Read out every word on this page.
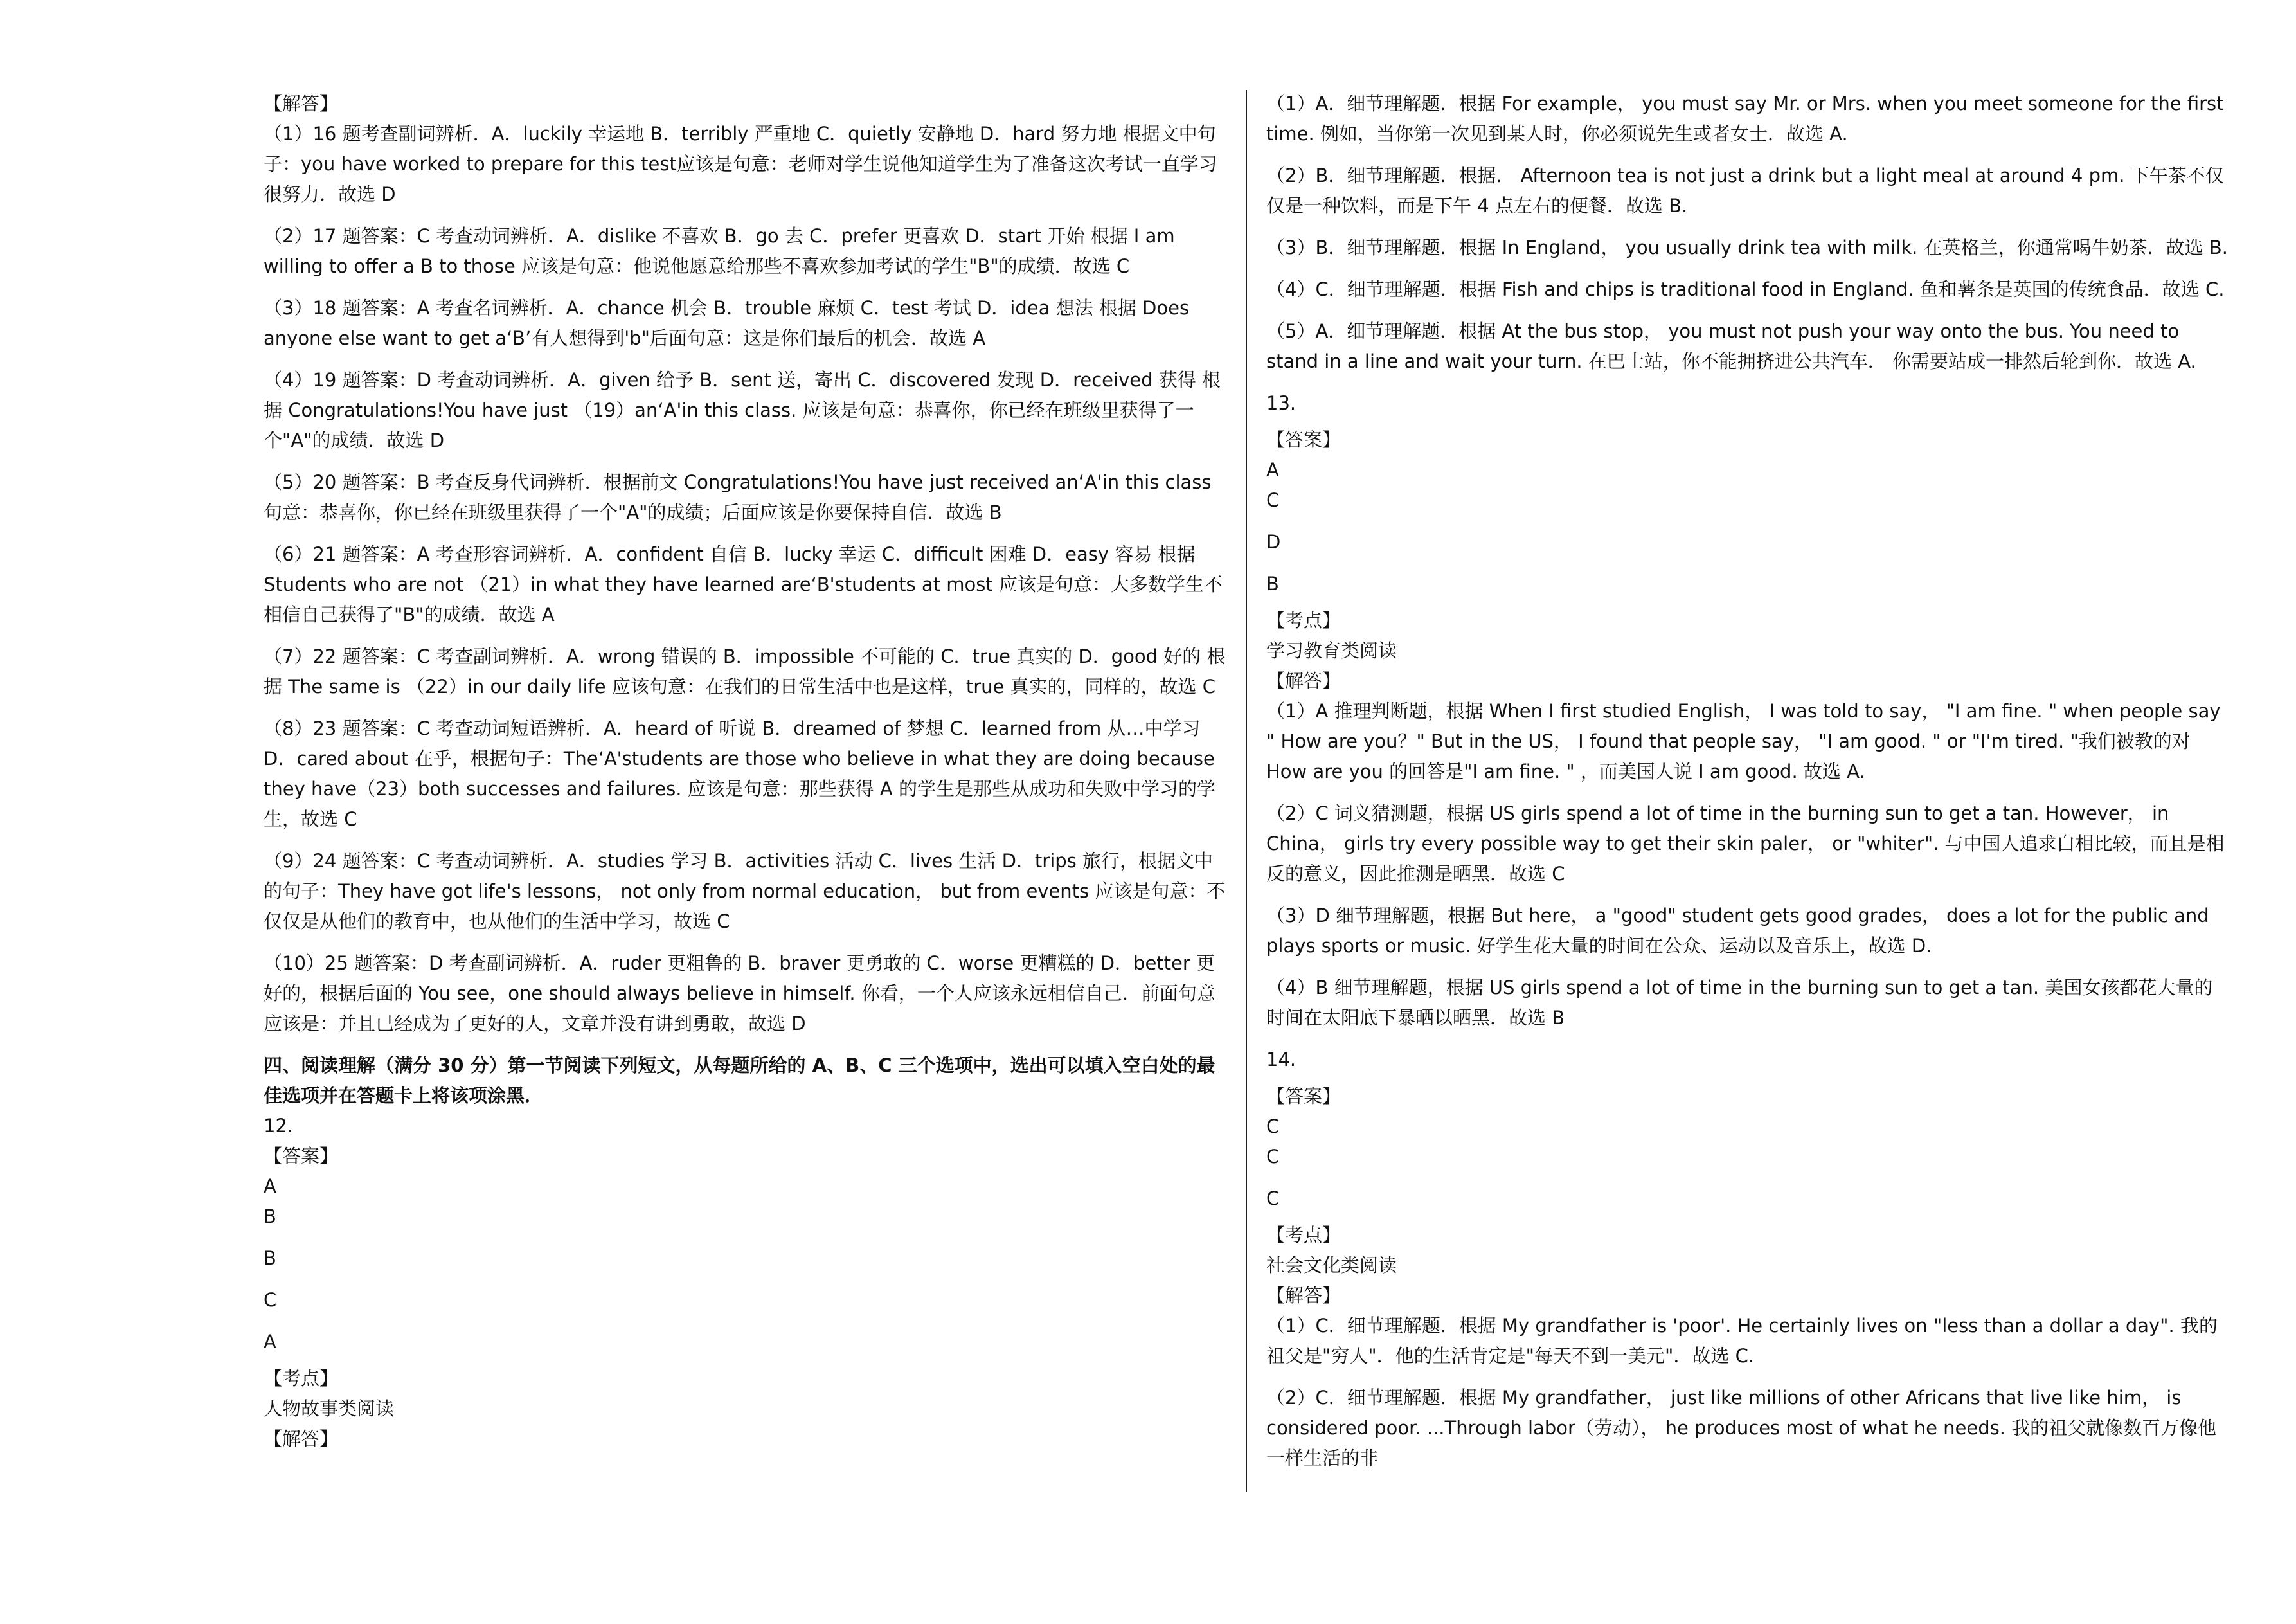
【解答】
（1）16 题考查副词辨析．A．luckily 幸运地 B．terribly 严重地 C．quietly 安静地 D．hard 努力地 根据文中句子：you have worked to prepare for this test应该是句意：老师对学生说他知道学生为了准备这次考试一直学习很努力．故选 D
（2）17 题答案：C 考查动词辨析．A．dislike 不喜欢 B．go 去 C．prefer 更喜欢 D．start 开始 根据 I am willing to offer a B to those 应该是句意：他说他愿意给那些不喜欢参加考试的学生"B"的成绩．故选 C
（3）18 题答案：A 考查名词辨析．A．chance 机会 B．trouble 麻烦 C．test 考试 D．idea 想法 根据 Does anyone else want to get a‘B’有人想得到'b"后面句意：这是你们最后的机会．故选 A
（4）19 题答案：D 考查动词辨析．A．given 给予 B．sent 送，寄出 C．discovered 发现 D．received 获得 根据 Congratulations!You have just （19）an‘A'in this class. 应该是句意：恭喜你，你已经在班级里获得了一个"A"的成绩．故选 D
（5）20 题答案：B 考查反身代词辨析．根据前文 Congratulations!You have just received an‘A'in this class 句意：恭喜你，你已经在班级里获得了一个"A"的成绩；后面应该是你要保持自信．故选 B
（6）21 题答案：A 考查形容词辨析．A．confident 自信 B．lucky 幸运 C．difficult 困难 D．easy 容易 根据 Students who are not （21）in what they have learned are‘B'students at most 应该是句意：大多数学生不相信自己获得了"B"的成绩．故选 A
（7）22 题答案：C 考查副词辨析．A．wrong 错误的 B．impossible 不可能的 C．true 真实的 D．good 好的 根据 The same is （22）in our daily life 应该句意：在我们的日常生活中也是这样，true 真实的，同样的，故选 C
（8）23 题答案：C 考查动词短语辨析．A．heard of 听说 B．dreamed of 梦想 C．learned from 从…中学习 D．cared about 在乎，根据句子：The‘A'students are those who believe in what they are doing because they have（23）both successes and failures. 应该是句意：那些获得 A 的学生是那些从成功和失败中学习的学生，故选 C
（9）24 题答案：C 考查动词辨析．A．studies 学习 B．activities 活动 C．lives 生活 D．trips 旅行，根据文中的句子：They have got life's lessons， not only from normal education， but from events 应该是句意：不仅仅是从他们的教育中，也从他们的生活中学习，故选 C
（10）25 题答案：D 考查副词辨析．A．ruder 更粗鲁的 B．braver 更勇敢的 C．worse 更糟糕的 D．better 更好的，根据后面的 You see，one should always believe in himself. 你看，一个人应该永远相信自己．前面句意应该是：并且已经成为了更好的人，文章并没有讲到勇敢，故选 D
四、阅读理解（满分 30 分）第一节阅读下列短文，从每题所给的 A、B、C 三个选项中，选出可以填入空白处的最佳选项并在答题卡上将该项涂黑．
12.
【答案】
A
B
B
C
A
【考点】
人物故事类阅读
【解答】
（1）A．细节理解题．根据 For example， you must say Mr. or Mrs. when you meet someone for the first time. 例如，当你第一次见到某人时，你必须说先生或者女士．故选 A.
（2）B．细节理解题．根据． Afternoon tea is not just a drink but a light meal at around 4 pm. 下午茶不仅仅是一种饮料，而是下午 4 点左右的便餐．故选 B.
（3）B．细节理解题．根据 In England， you usually drink tea with milk. 在英格兰，你通常喝牛奶茶．故选 B.
（4）C．细节理解题．根据 Fish and chips is traditional food in England. 鱼和薯条是英国的传统食品．故选 C.
（5）A．细节理解题．根据 At the bus stop， you must not push your way onto the bus. You need to stand in a line and wait your turn. 在巴士站，你不能拥挤进公共汽车． 你需要站成一排然后轮到你．故选 A.
13.
【答案】
A
C
D
B
【考点】
学习教育类阅读
【解答】
（1）A 推理判断题，根据 When I first studied English， I was told to say， "I am fine. " when people say " How are you？" But in the US， I found that people say， "I am good. " or "I'm tired. "我们被教的对 How are you 的回答是"I am fine. " ，而美国人说 I am good. 故选 A.
（2）C 词义猜测题，根据 US girls spend a lot of time in the burning sun to get a tan. However， in China， girls try every possible way to get their skin paler， or "whiter". 与中国人追求白相比较，而且是相反的意义，因此推测是晒黑．故选 C
（3）D 细节理解题，根据 But here， a "good" student gets good grades， does a lot for the public and plays sports or music. 好学生花大量的时间在公众、运动以及音乐上，故选 D.
（4）B 细节理解题，根据 US girls spend a lot of time in the burning sun to get a tan. 美国女孩都花大量的时间在太阳底下暴晒以晒黑．故选 B
14.
【答案】
C
C
C
【考点】
社会文化类阅读
【解答】
（1）C．细节理解题．根据 My grandfather is 'poor'. He certainly lives on "less than a dollar a day". 我的祖父是"穷人"．他的生活肯定是"每天不到一美元"．故选 C.
（2）C．细节理解题．根据 My grandfather， just like millions of other Africans that live like him， is considered poor. ...Through labor（劳动）， he produces most of what he needs. 我的祖父就像数百万像他一样生活的非
